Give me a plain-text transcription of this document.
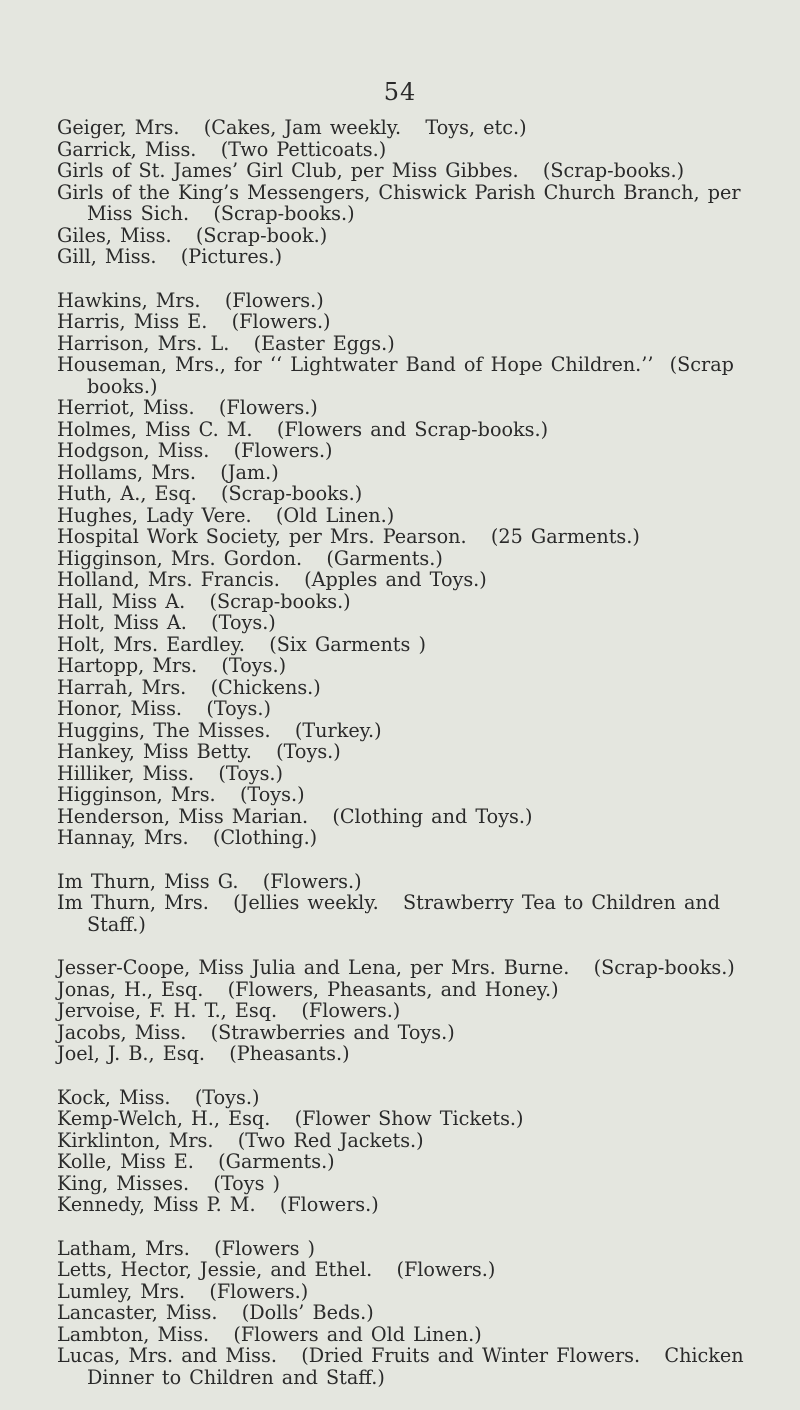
54
Geiger, Mrs.   (Cakes, Jam weekly.   Toys, etc.)
Garrick, Miss.   (Two Petticoats.)
Girls of St. James’ Girl Club, per Miss Gibbes.   (Scrap-books.)
Girls of the King’s Messengers, Chiswick Parish Church Branch, per
Miss Sich.   (Scrap-books.)
Giles, Miss.   (Scrap-book.)
Gill, Miss.   (Pictures.)
Hawkins, Mrs.   (Flowers.)
Harris, Miss E.   (Flowers.)
Harrison, Mrs. L.   (Easter Eggs.)
Houseman, Mrs., for ‘‘ Lightwater Band of Hope Children.’’  (Scrap
books.)
Herriot, Miss.   (Flowers.)
Holmes, Miss C. M.   (Flowers and Scrap-books.)
Hodgson, Miss.   (Flowers.)
Hollams, Mrs.   (Jam.)
Huth, A., Esq.   (Scrap-books.)
Hughes, Lady Vere.   (Old Linen.)
Hospital Work Society, per Mrs. Pearson.   (25 Garments.)
Higginson, Mrs. Gordon.   (Garments.)
Holland, Mrs. Francis.   (Apples and Toys.)
Hall, Miss A.   (Scrap-books.)
Holt, Miss A.   (Toys.)
Holt, Mrs. Eardley.   (Six Garments )
Hartopp, Mrs.   (Toys.)
Harrah, Mrs.   (Chickens.)
Honor, Miss.   (Toys.)
Huggins, The Misses.   (Turkey.)
Hankey, Miss Betty.   (Toys.)
Hilliker, Miss.   (Toys.)
Higginson, Mrs.   (Toys.)
Henderson, Miss Marian.   (Clothing and Toys.)
Hannay, Mrs.   (Clothing.)
Im Thurn, Miss G.   (Flowers.)
Im Thurn, Mrs.   (Jellies weekly.   Strawberry Tea to Children and
Staff.)
Jesser-Coope, Miss Julia and Lena, per Mrs. Burne.   (Scrap-books.)
Jonas, H., Esq.   (Flowers, Pheasants, and Honey.)
Jervoise, F. H. T., Esq.   (Flowers.)
Jacobs, Miss.   (Strawberries and Toys.)
Joel, J. B., Esq.   (Pheasants.)
Kock, Miss.   (Toys.)
Kemp-Welch, H., Esq.   (Flower Show Tickets.)
Kirklinton, Mrs.   (Two Red Jackets.)
Kolle, Miss E.   (Garments.)
King, Misses.   (Toys )
Kennedy, Miss P. M.   (Flowers.)
Latham, Mrs.   (Flowers )
Letts, Hector, Jessie, and Ethel.   (Flowers.)
Lumley, Mrs.   (Flowers.)
Lancaster, Miss.   (Dolls’ Beds.)
Lambton, Miss.   (Flowers and Old Linen.)
Lucas, Mrs. and Miss.   (Dried Fruits and Winter Flowers.   Chicken
Dinner to Children and Staff.)
